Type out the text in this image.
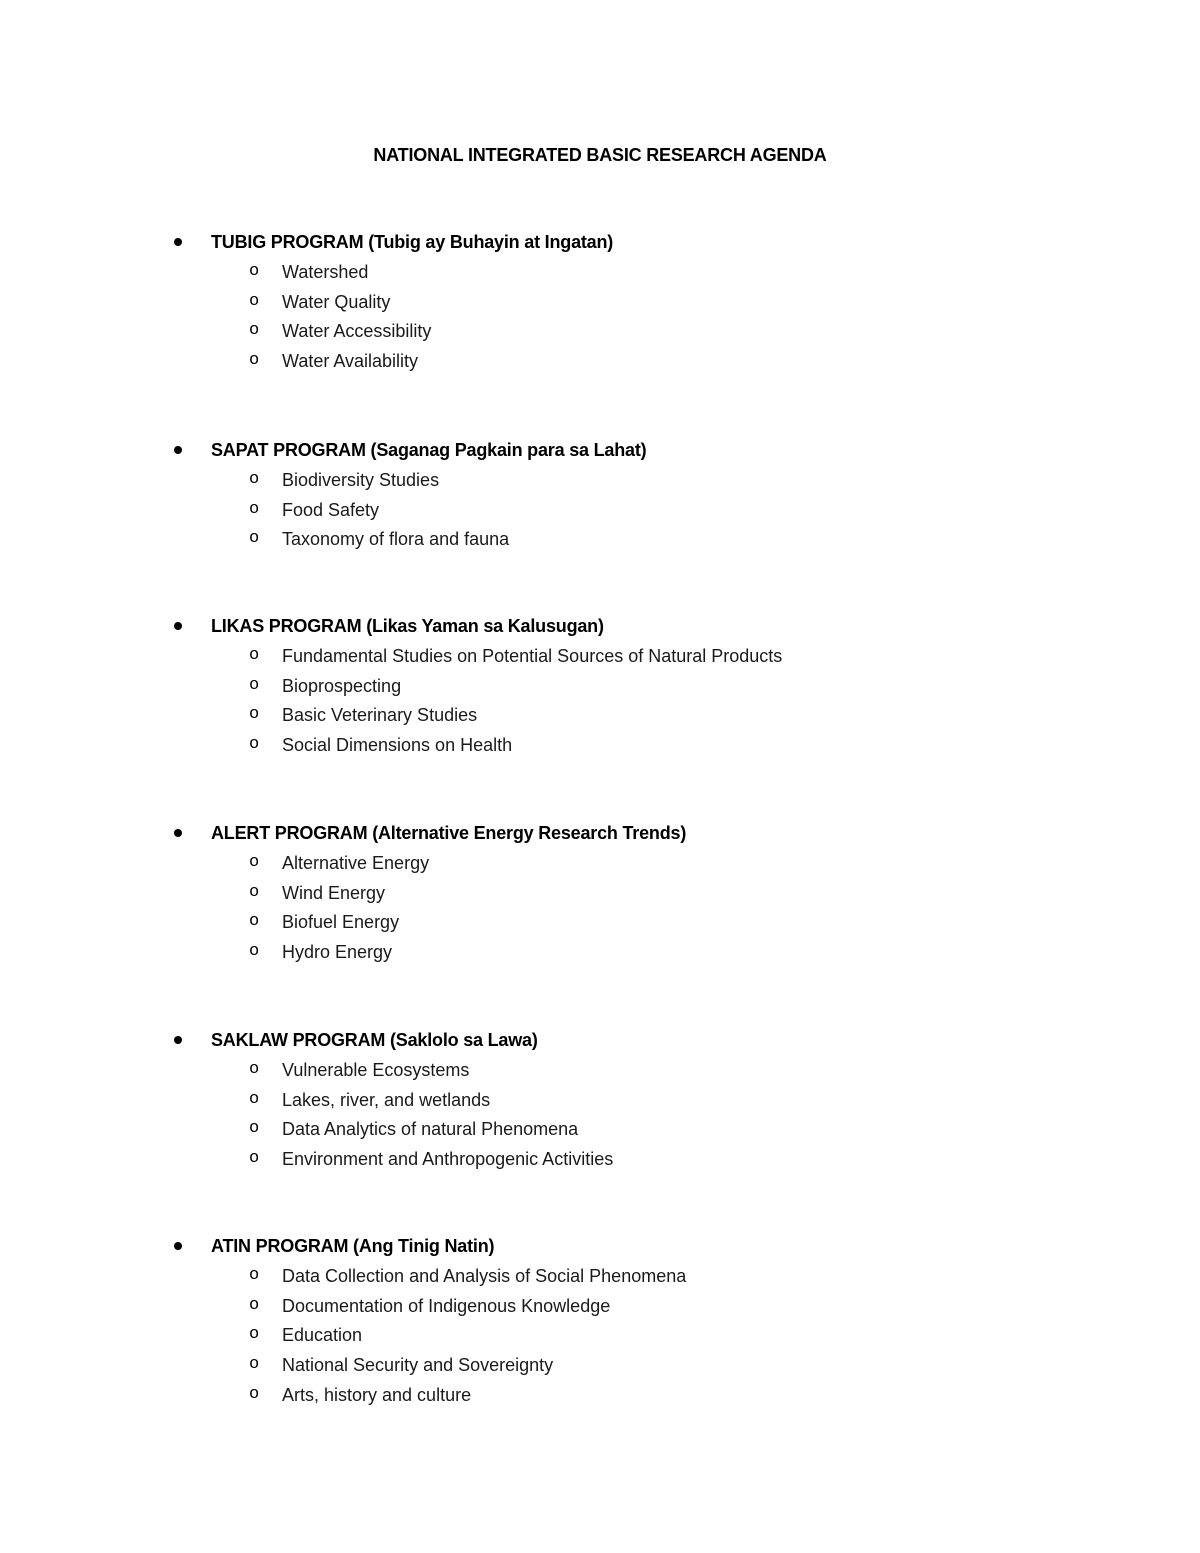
NATIONAL INTEGRATED BASIC RESEARCH AGENDA
TUBIG PROGRAM (Tubig ay Buhayin at Ingatan)
o Watershed
o Water Quality
o Water Accessibility
o Water Availability
SAPAT PROGRAM (Saganag Pagkain para sa Lahat)
o Biodiversity Studies
o Food Safety
o Taxonomy of flora and fauna
LIKAS PROGRAM (Likas Yaman sa Kalusugan)
o Fundamental Studies on Potential Sources of Natural Products
o Bioprospecting
o Basic Veterinary Studies
o Social Dimensions on Health
ALERT PROGRAM (Alternative Energy Research Trends)
o Alternative Energy
o Wind Energy
o Biofuel Energy
o Hydro Energy
SAKLAW PROGRAM (Saklolo sa Lawa)
o Vulnerable Ecosystems
o Lakes, river, and wetlands
o Data Analytics of natural Phenomena
o Environment and Anthropogenic Activities
ATIN PROGRAM (Ang Tinig Natin)
o Data Collection and Analysis of Social Phenomena
o Documentation of Indigenous Knowledge
o Education
o National Security and Sovereignty
o Arts, history and culture
